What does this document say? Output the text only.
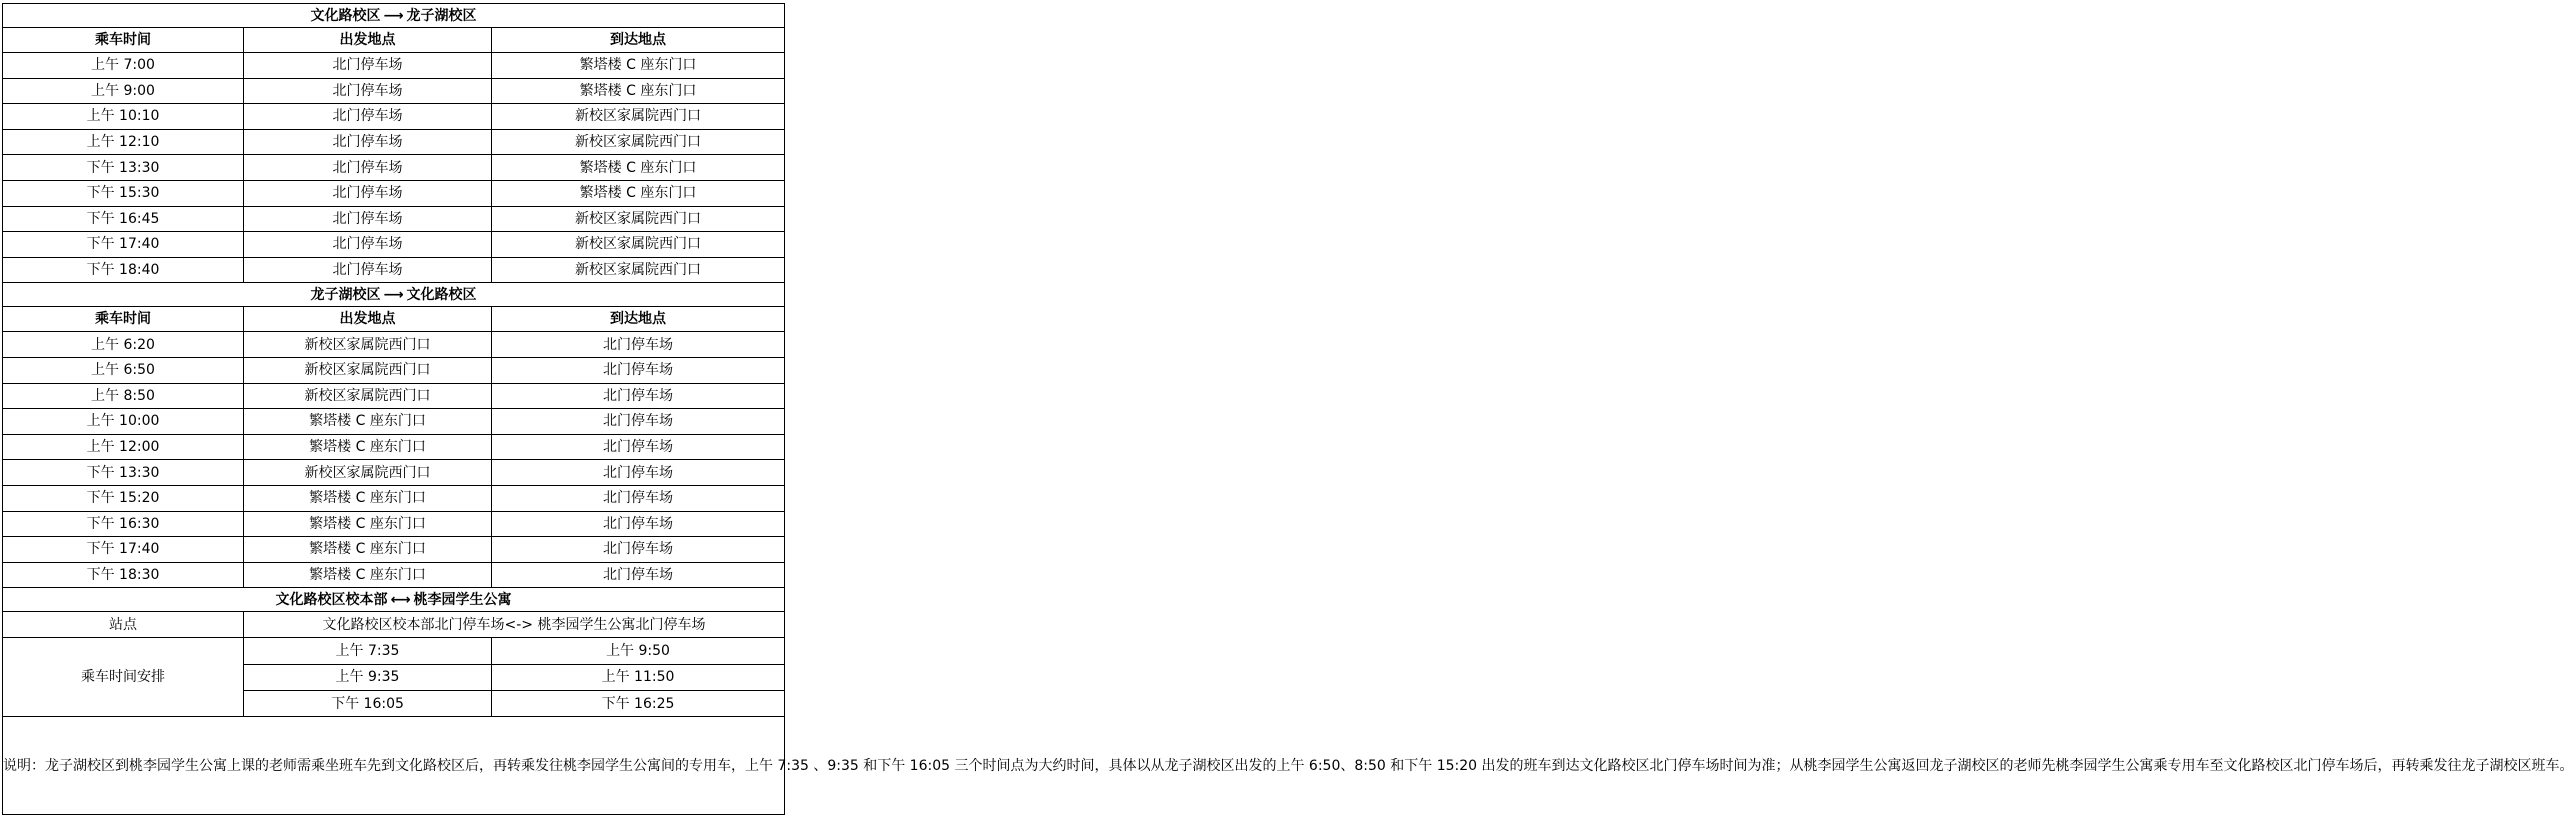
文化路校区 ⟶ 龙子湖校区		
乘车时间	出发地点	到达地点
上午 7:00	北门停车场	繁塔楼 C 座东门口
上午 9:00	北门停车场	繁塔楼 C 座东门口
上午 10:10	北门停车场	新校区家属院西门口
上午 12:10	北门停车场	新校区家属院西门口
下午 13:30	北门停车场	繁塔楼 C 座东门口
下午 15:30	北门停车场	繁塔楼 C 座东门口
下午 16:45	北门停车场	新校区家属院西门口
下午 17:40	北门停车场	新校区家属院西门口
下午 18:40	北门停车场	新校区家属院西门口
龙子湖校区 ⟶ 文化路校区		
乘车时间	出发地点	到达地点
上午 6:20	新校区家属院西门口	北门停车场
上午 6:50	新校区家属院西门口	北门停车场
上午 8:50	新校区家属院西门口	北门停车场
上午 10:00	繁塔楼 C 座东门口	北门停车场
上午 12:00	繁塔楼 C 座东门口	北门停车场
下午 13:30	新校区家属院西门口	北门停车场
下午 15:20	繁塔楼 C 座东门口	北门停车场
下午 16:30	繁塔楼 C 座东门口	北门停车场
下午 17:40	繁塔楼 C 座东门口	北门停车场
下午 18:30	繁塔楼 C 座东门口	北门停车场
文化路校区校本部 ⟷ 桃李园学生公寓		
站点	文化路校区校本部北门停车场<-> 桃李园学生公寓北门停车场	
乘车时间安排	上午 7:35	上午 9:50
	上午 9:35	上午 11:50
	下午 16:05	下午 16:25
说明：龙子湖校区到桃李园学生公寓上课的老师需乘坐班车先到文化路校区后，再转乘发往桃李园学生公寓间的专用车，上午 7:35 、9:35 和下午 16:05 三个时间点为大约时间，具体以从龙子湖校区出发的上午 6:50、8:50 和下午 15:20 出发的班车到达文化路校区北门停车场时间为准；从桃李园学生公寓返回龙子湖校区的老师先桃李园学生公寓乘专用车至文化路校区北门停车场后，再转乘发往龙子湖校区班车。		
